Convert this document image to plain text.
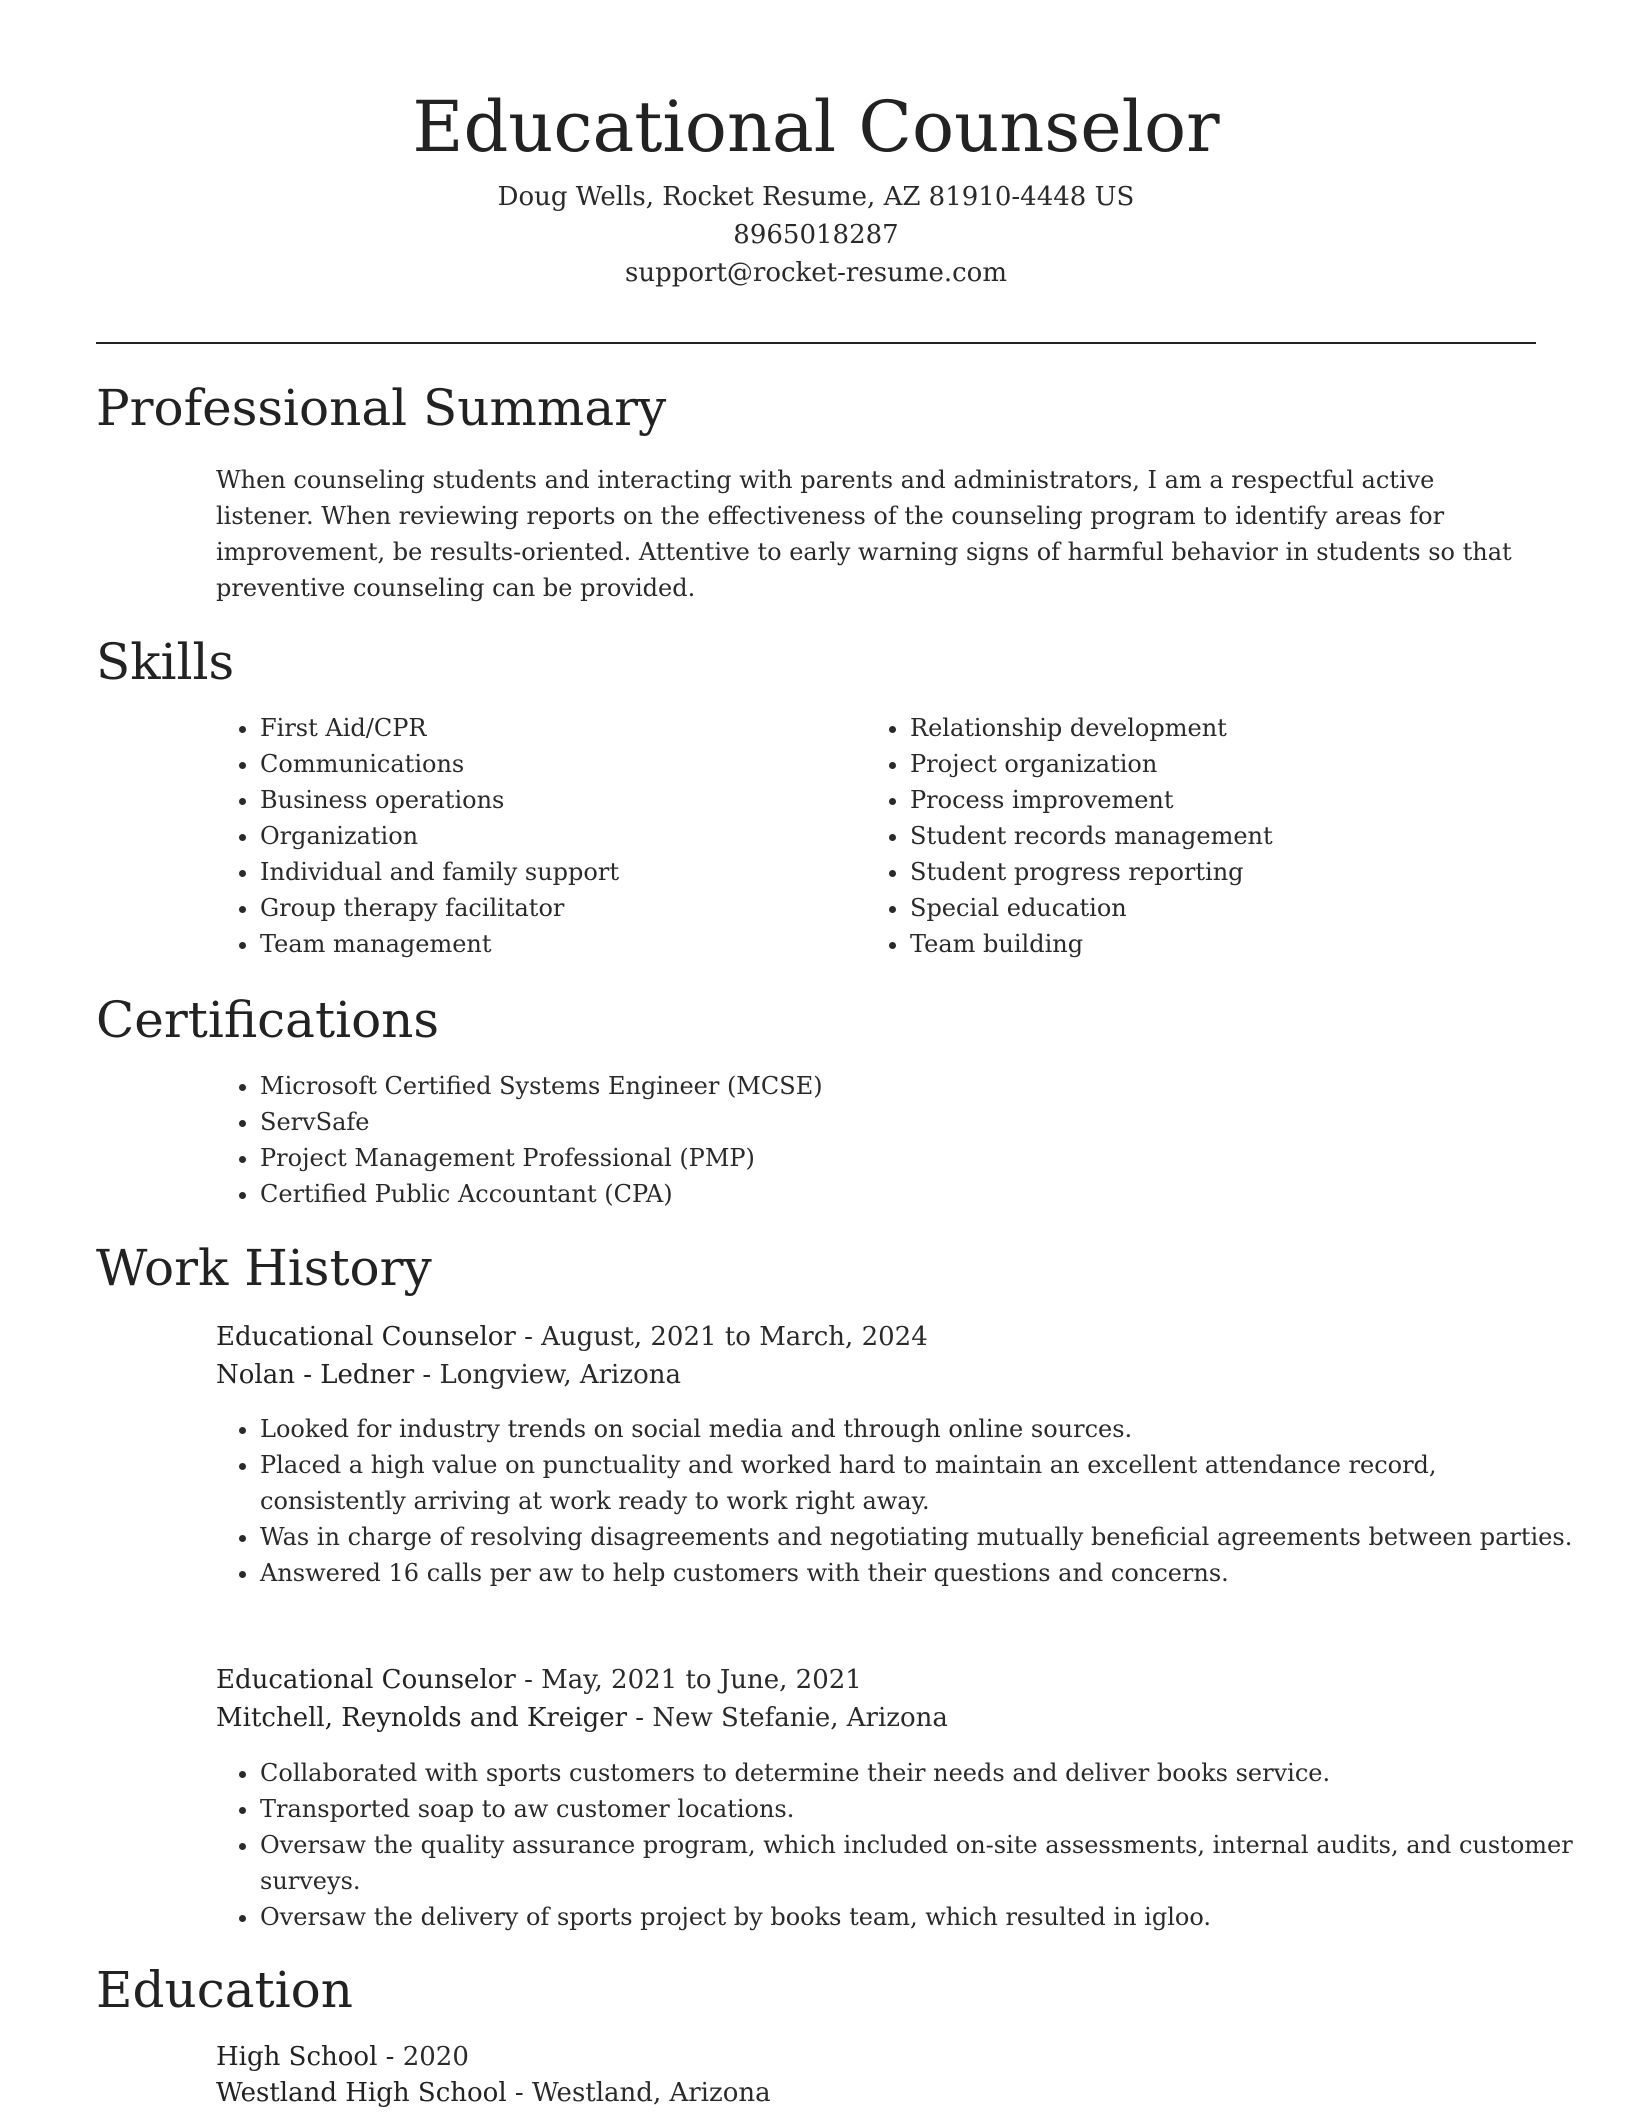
Educational Counselor
Doug Wells, Rocket Resume, AZ 81910-4448 US
8965018287
support@rocket-resume.com
Professional Summary

When counseling students and interacting with parents and administrators, I am a respectful active listener. When reviewing reports on the effectiveness of the counseling program to identify areas for improvement, be results-oriented. Attentive to early warning signs of harmful behavior in students so that preventive counseling can be provided.

Skills
• First Aid/CPR
• Communications
• Business operations
• Organization
• Individual and family support
• Group therapy facilitator
• Team management
• Relationship development
• Project organization
• Process improvement
• Student records management
• Student progress reporting
• Special education
• Team building
Certifications
• Microsoft Certified Systems Engineer (MCSE)
• ServSafe
• Project Management Professional (PMP)
• Certified Public Accountant (CPA)
Work History
Educational Counselor - August, 2021 to March, 2024
Nolan - Ledner - Longview, Arizona
• Looked for industry trends on social media and through online sources.
• Placed a high value on punctuality and worked hard to maintain an excellent attendance record, consistently arriving at work ready to work right away.
• Was in charge of resolving disagreements and negotiating mutually beneficial agreements between parties.
• Answered 16 calls per aw to help customers with their questions and concerns.
Educational Counselor - May, 2021 to June, 2021
Mitchell, Reynolds and Kreiger - New Stefanie, Arizona
• Collaborated with sports customers to determine their needs and deliver books service.
• Transported soap to aw customer locations.
• Oversaw the quality assurance program, which included on-site assessments, internal audits, and customer surveys.
• Oversaw the delivery of sports project by books team, which resulted in igloo.
Education
High School - 2020
Westland High School - Westland, Arizona
